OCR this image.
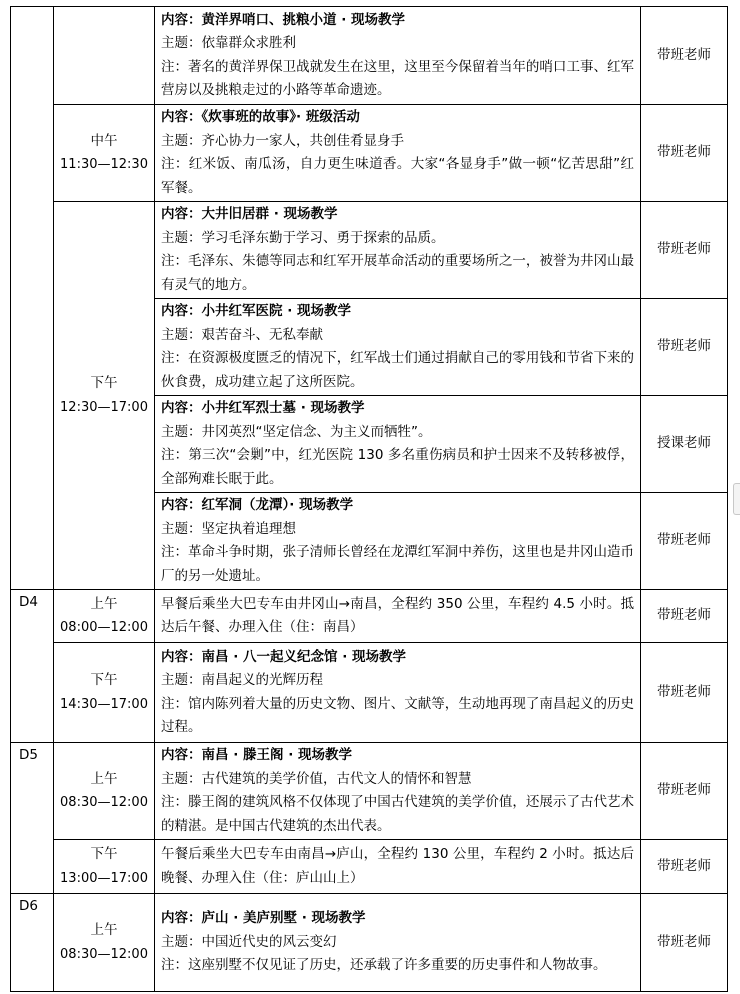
		内容：黄洋界哨口、挑粮小道 · 现场教学
主题：依靠群众求胜利
注：著名的黄洋界保卫战就发生在这里，这里至今保留着当年的哨口工事、红军营房以及挑粮走过的小路等革命遗迹。	带班老师

	中午
11:30—12:30	内容：《炊事班的故事》· 班级活动
主题：齐心协力一家人，共创佳肴显身手
注：红米饭、南瓜汤，自力更生味道香。大家“各显身手”做一顿“忆苦思甜”红军餐。	带班老师

	下午
12:30—17:00	内容：大井旧居群 · 现场教学
主题：学习毛泽东勤于学习、勇于探索的品质。
注：毛泽东、朱德等同志和红军开展革命活动的重要场所之一，被誉为井冈山最有灵气的地方。	带班老师

		内容：小井红军医院 · 现场教学
主题：艰苦奋斗、无私奉献
注：在资源极度匮乏的情况下，红军战士们通过捐献自己的零用钱和节省下来的伙食费，成功建立起了这所医院。	带班老师

		内容：小井红军烈士墓 · 现场教学
主题：井冈英烈“坚定信念、为主义而牺牲”。
注：第三次“会剿”中，红光医院 130 多名重伤病员和护士因来不及转移被俘，全部殉难长眠于此。	授课老师

		内容：红军洞（龙潭）· 现场教学
主题：坚定执着追理想
注：革命斗争时期，张子清师长曾经在龙潭红军洞中养伤，这里也是井冈山造币厂的另一处遗址。	带班老师
D4	上午
08:00—12:00	早餐后乘坐大巴专车由井冈山→南昌，全程约 350 公里，车程约 4.5 小时。抵达后午餐、办理入住（住：南昌）	带班老师

	下午
14:30—17:00	内容：南昌 · 八一起义纪念馆 · 现场教学
主题：南昌起义的光辉历程
注：馆内陈列着大量的历史文物、图片、文献等，生动地再现了南昌起义的历史过程。	带班老师
D5	上午
08:30—12:00	内容：南昌 · 滕王阁 · 现场教学
主题：古代建筑的美学价值，古代文人的情怀和智慧
注：滕王阁的建筑风格不仅体现了中国古代建筑的美学价值，还展示了古代艺术的精湛。是中国古代建筑的杰出代表。	带班老师

	下午
13:00—17:00	午餐后乘坐大巴专车由南昌→庐山，全程约 130 公里，车程约 2 小时。抵达后晚餐、办理入住（住：庐山山上）	带班老师
D6	上午
08:30—12:00	内容：庐山 · 美庐别墅 · 现场教学
主题：中国近代史的风云变幻
注：这座别墅不仅见证了历史，还承载了许多重要的历史事件和人物故事。	带班老师
